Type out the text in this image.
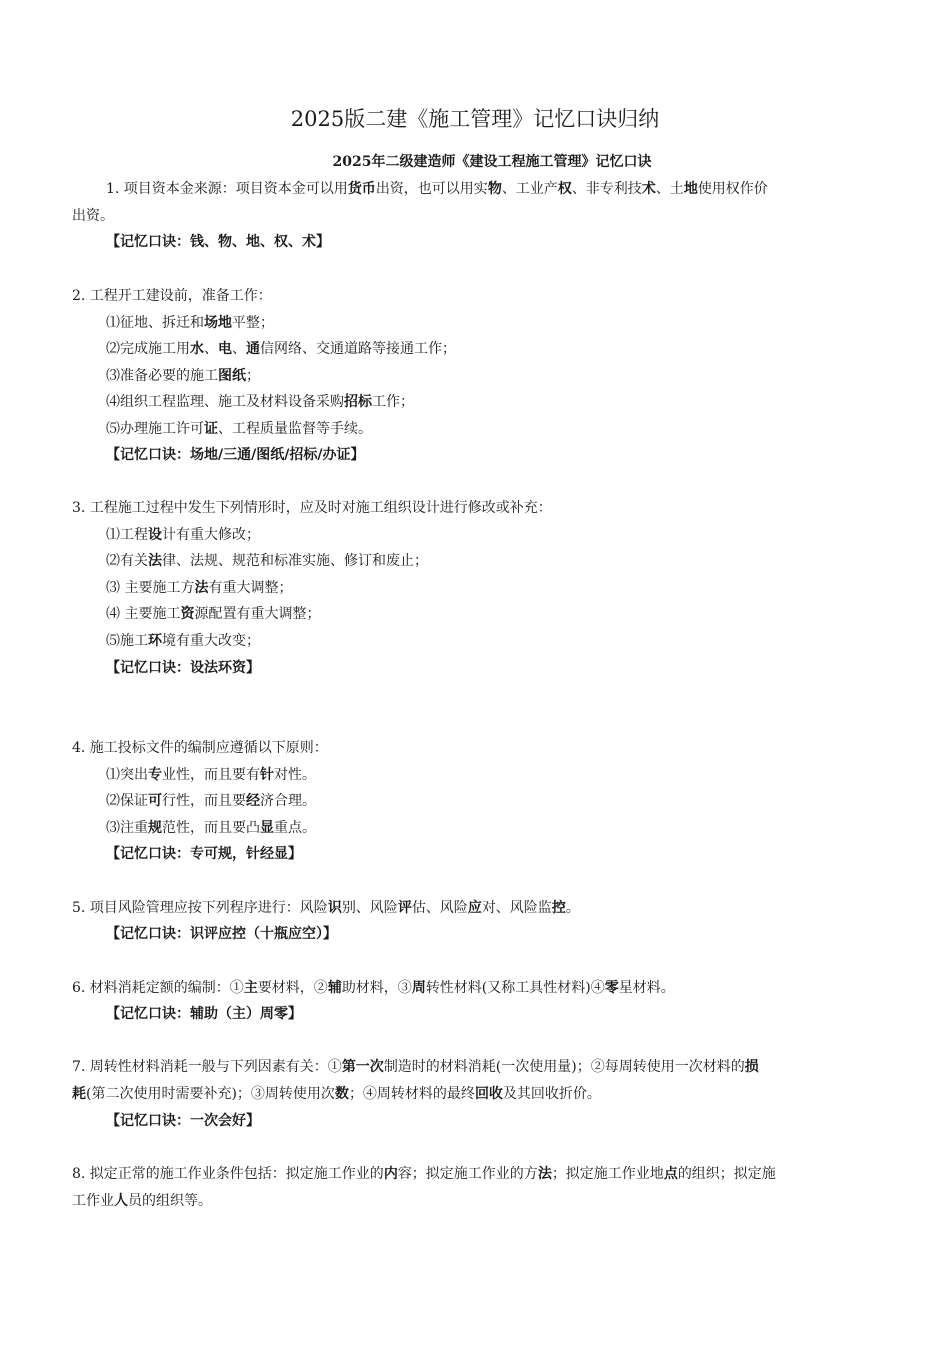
2025版二建《施工管理》记忆口诀归纳
2025年二级建造师《建设工程施工管理》记忆口诀
1. 项目资本金来源：项目资本金可以用货币出资，也可以用实物、工业产权、非专利技术、土地使用权作价
出资。
【记忆口诀：钱、物、地、权、术】
2. 工程开工建设前，准备工作：
⑴征地、拆迁和场地平整；
⑵完成施工用水、电、通信网络、交通道路等接通工作；
⑶准备必要的施工图纸；
⑷组织工程监理、施工及材料设备采购招标工作；
⑸办理施工许可证、工程质量监督等手续。
【记忆口诀：场地/三通/图纸/招标/办证】
3. 工程施工过程中发生下列情形时，应及时对施工组织设计进行修改或补充：
⑴工程设计有重大修改；
⑵有关法律、法规、规范和标准实施、修订和废止；
⑶ 主要施工方法有重大调整；
⑷ 主要施工资源配置有重大调整；
⑸施工环境有重大改变；
【记忆口诀：设法环资】
4. 施工投标文件的编制应遵循以下原则：
⑴突出专业性，而且要有针对性。
⑵保证可行性，而且要经济合理。
⑶注重规范性，而且要凸显重点。
【记忆口诀：专可规，针经显】
5. 项目风险管理应按下列程序进行：风险识别、风险评估、风险应对、风险监控。
【记忆口诀：识评应控（十瓶应空）】
6. 材料消耗定额的编制：①主要材料，②辅助材料，③周转性材料(又称工具性材料)④零星材料。
【记忆口诀：辅助（主）周零】
7. 周转性材料消耗一般与下列因素有关：①第一次制造时的材料消耗(一次使用量)；②每周转使用一次材料的损
耗(第二次使用时需要补充)；③周转使用次数；④周转材料的最终回收及其回收折价。
【记忆口诀：一次会好】
8. 拟定正常的施工作业条件包括：拟定施工作业的内容；拟定施工作业的方法；拟定施工作业地点的组织；拟定施
工作业人员的组织等。
